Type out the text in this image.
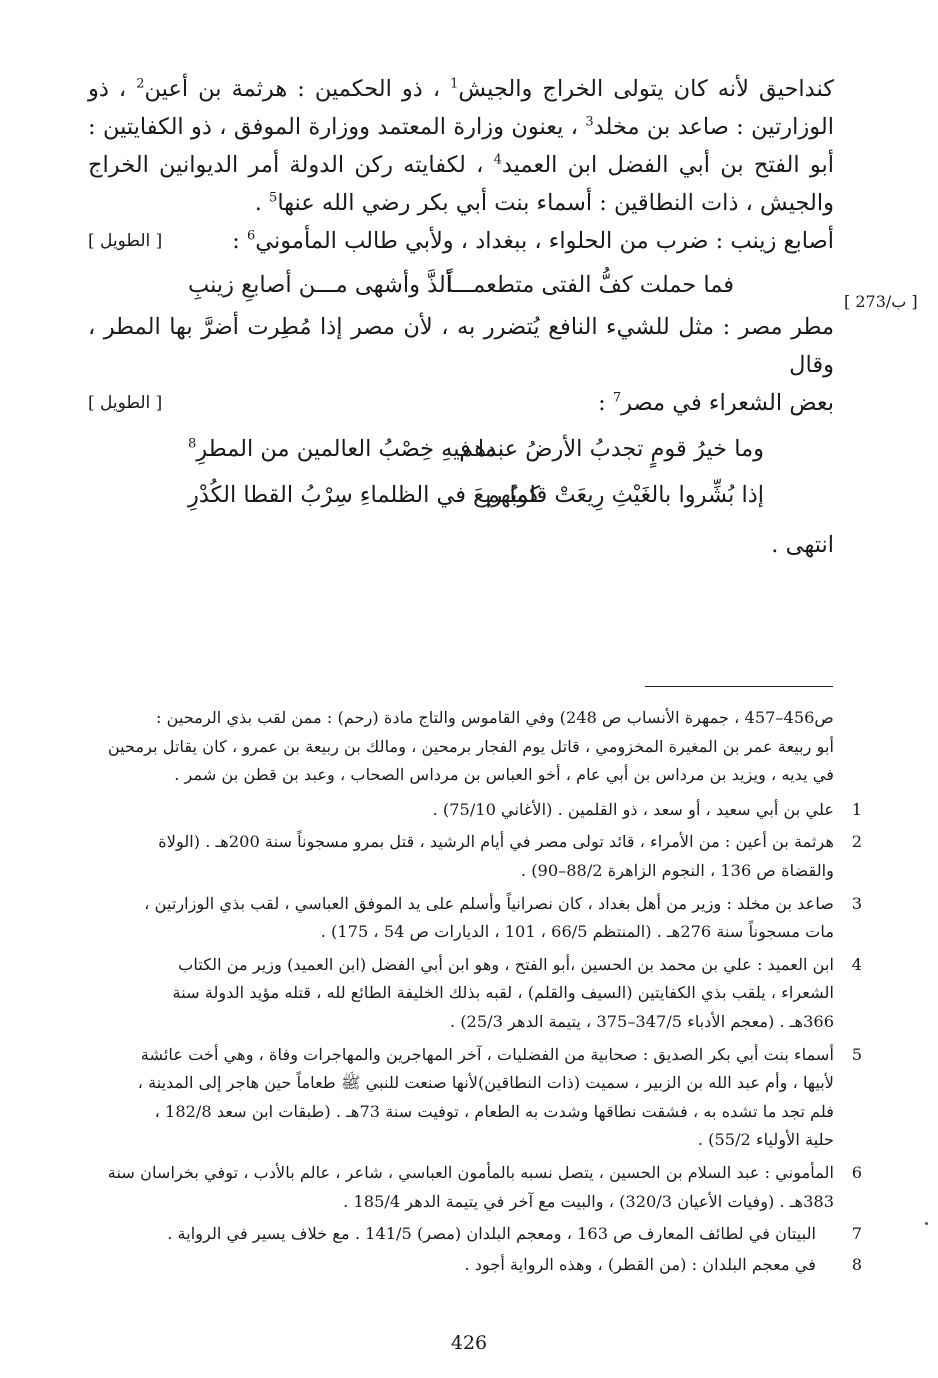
كنداحيق لأنه كان يتولى الخراج والجيش$^1$ ، ذو الحكمين : هرثمة بن أعين$^2$ ، ذو الوزارتين : صاعد بن مخلد$^3$ ، يعنون وزارة المعتمد ووزارة الموفق ، ذو الكفايتين : أبو الفتح بن أبي الفضل ابن العميد$^4$ ، لكفايته ركن الدولة أمر الديوانين الخراج والجيش ، ذات النطاقين : أسماء بنت أبي بكر رضي الله عنها$^5$ .

أصابع زينب : ضرب من الحلواء ، ببغداد ، ولأبي طالب المأموني$^6$ :
[ الطويل ]
فما حملت كفُّ الفتى متطعمـــاً
ألذَّ وأشهى مـــن أصابعِ زينبِ

مطر مصر : مثل للشيء النافع يُتضرر به ، لأن مصر إذا مُطِرت أضرَّ بها المطر ، وقال

بعض الشعراء في مصر$^7$ :
[ الطويل ]
وما خيرُ قومٍ تجدبُ الأرضُ عندهم
بما فيهِ خِصْبُ العالمين من المطرِ$^8$
إذا بُشِّروا بالغَيْثِ رِيعَتْ قلوبُهم
كما ريعَ في الظلماءِ سِرْبُ القطا الكُدْرِ

انتهى .

[ 273/ب ]

ص456–457 ، جمهرة الأنساب ص 248) وفي القاموس والتاج مادة (رحم) : ممن لقب بذي الرمحين :

أبو ربيعة عمر بن المغيرة المخزومي ، قاتل يوم الفجار برمحين ، ومالك بن ربيعة بن عمرو ، كان يقاتل برمحين

في يديه ، ويزيد بن مرداس بن أبي عام ، أخو العباس بن مرداس الصحاب ، وعبد بن قطن بن شمر .

1

علي بن أبي سعيد ، أو سعد ، ذو القلمين . (الأغاني 75/10) .

2

هرثمة بن أعين : من الأمراء ، قائد تولى مصر في أيام الرشيد ، قتل بمرو مسجوناً سنة 200هـ . (الولاة

والقضاة ص 136 ، النجوم الزاهرة 88/2–90) .

3

صاعد بن مخلد : وزير من أهل بغداد ، كان نصرانياً وأسلم على يد الموفق العباسي ، لقب بذي الوزارتين ،

مات مسجوناً سنة 276هـ . (المنتظم 66/5 ، 101 ، الديارات ص 54 ، 175) .

4

ابن العميد : علي بن محمد بن الحسين ،أبو الفتح ، وهو ابن أبي الفضل (ابن العميد) وزير من الكتاب

الشعراء ، يلقب بذي الكفايتين (السيف والقلم) ، لقبه بذلك الخليفة الطائع لله ، قتله مؤيد الدولة سنة

366هـ . (معجم الأدباء 347/5–375 ، يتيمة الدهر 25/3) .

5

أسماء بنت أبي بكر الصديق : صحابية من الفضليات ، آخر المهاجرين والمهاجرات وفاة ، وهي أخت عائشة

لأبيها ، وأم عبد الله بن الزبير ، سميت (ذات النطاقين)لأنها صنعت للنبي ﷺ طعاماً حين هاجر إلى المدينة ،

فلم تجد ما تشده به ، فشقت نطاقها وشدت به الطعام ، توفيت سنة 73هـ . (طبقات ابن سعد 182/8 ،

حلية الأولياء 55/2) .

6

المأموني : عبد السلام بن الحسين ، يتصل نسبه بالمأمون العباسي ، شاعر ، عالم بالأدب ، توفي بخراسان سنة

383هـ . (وفيات الأعيان 320/3) ، والبيت مع آخر في يتيمة الدهر 185/4 .

7

البيتان في لطائف المعارف ص 163 ، ومعجم البلدان (مصر) 141/5 . مع خلاف يسير في الرواية .

8

في معجم البلدان : (من القطر) ، وهذه الرواية أجود .

426
